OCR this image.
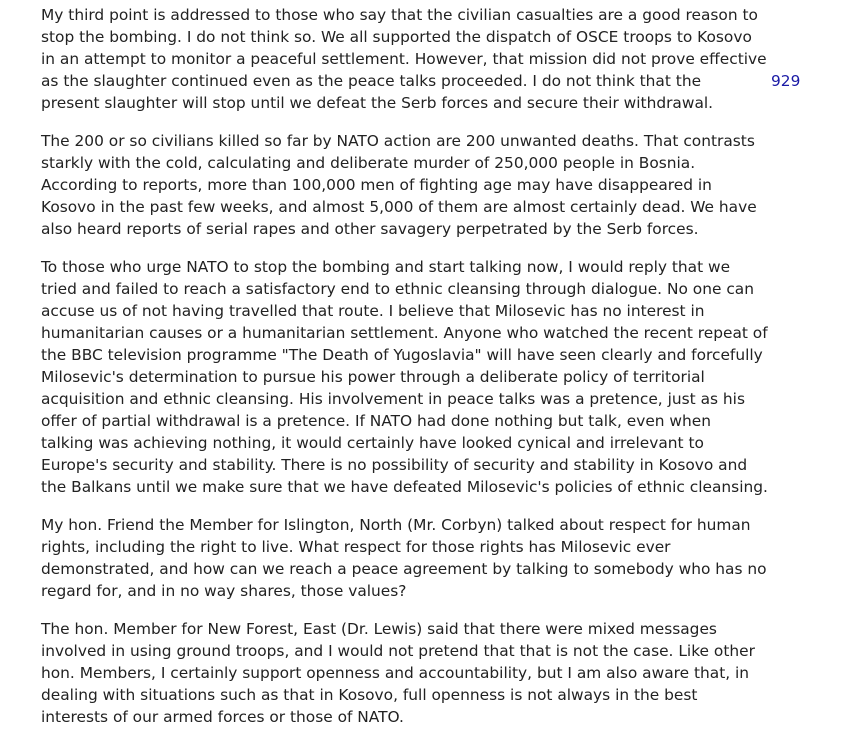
My third point is addressed to those who say that the civilian casualties are a good reason to
stop the bombing. I do not think so. We all supported the dispatch of OSCE troops to Kosovo
in an attempt to monitor a peaceful settlement. However, that mission did not prove effective
as the slaughter continued even as the peace talks proceeded. I do not think that the
present slaughter will stop until we defeat the Serb forces and secure their withdrawal.

The 200 or so civilians killed so far by NATO action are 200 unwanted deaths. That contrasts
starkly with the cold, calculating and deliberate murder of 250,000 people in Bosnia.
According to reports, more than 100,000 men of fighting age may have disappeared in
Kosovo in the past few weeks, and almost 5,000 of them are almost certainly dead. We have
also heard reports of serial rapes and other savagery perpetrated by the Serb forces.

To those who urge NATO to stop the bombing and start talking now, I would reply that we
tried and failed to reach a satisfactory end to ethnic cleansing through dialogue. No one can
accuse us of not having travelled that route. I believe that Milosevic has no interest in
humanitarian causes or a humanitarian settlement. Anyone who watched the recent repeat of
the BBC television programme "The Death of Yugoslavia" will have seen clearly and forcefully
Milosevic's determination to pursue his power through a deliberate policy of territorial
acquisition and ethnic cleansing. His involvement in peace talks was a pretence, just as his
offer of partial withdrawal is a pretence. If NATO had done nothing but talk, even when
talking was achieving nothing, it would certainly have looked cynical and irrelevant to
Europe's security and stability. There is no possibility of security and stability in Kosovo and
the Balkans until we make sure that we have defeated Milosevic's policies of ethnic cleansing.

My hon. Friend the Member for Islington, North (Mr. Corbyn) talked about respect for human
rights, including the right to live. What respect for those rights has Milosevic ever
demonstrated, and how can we reach a peace agreement by talking to somebody who has no
regard for, and in no way shares, those values?

The hon. Member for New Forest, East (Dr. Lewis) said that there were mixed messages
involved in using ground troops, and I would not pretend that that is not the case. Like other
hon. Members, I certainly support openness and accountability, but I am also aware that, in
dealing with situations such as that in Kosovo, full openness is not always in the best
interests of our armed forces or those of NATO.

929
